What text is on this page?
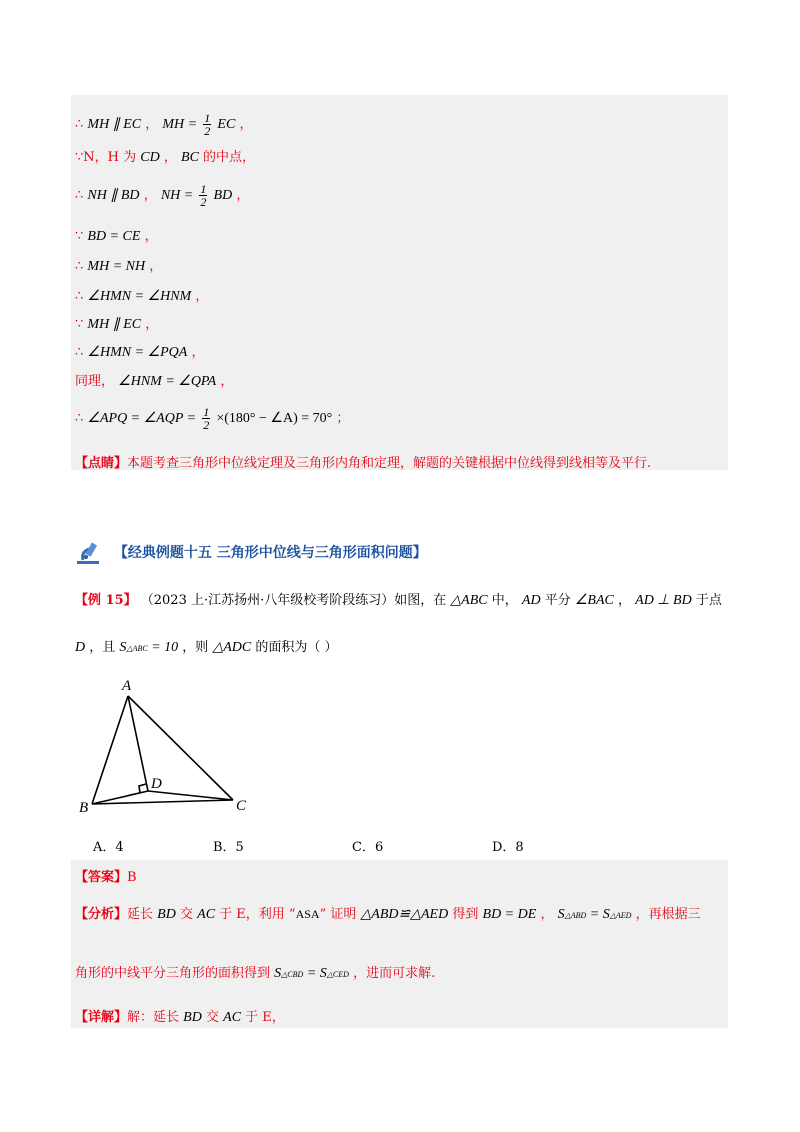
∴ MH ∥ EC ， MH = $\frac{1}{2}$ EC ，
∵N，H 为 CD ， BC 的中点，
∴ NH ∥ BD ， NH = $\frac{1}{2}$ BD ，
∵ BD = CE ，
∴ MH = NH ，
∴ ∠HMN = ∠HNM ，
∵ MH ∥ EC ，
∴ ∠HMN = ∠PQA ，
同理， ∠HNM = ∠QPA ，
∴ ∠APQ = ∠AQP = $\frac{1}{2} \times(180^\circ$ − ∠A) = 70° ；
【点睛】本题考查三角形中位线定理及三角形内角和定理，解题的关键根据中位线得到线相等及平行.
【经典例题十五 三角形中位线与三角形面积问题】
【例 15】 （2023 上·江苏扬州·八年级校考阶段练习）如图，在 △ABC 中， AD 平分 ∠BAC ， AD ⊥ BD 于点
D ，且 S△ABC = 10 ，则 △ADC 的面积为（ ）
A
B	C
D
A．4	B．5	C．6	D．8
【答案】B
【分析】延长 BD 交 AC 于 E，利用 “ASA” 证明 △ABD≌△AED 得到 BD = DE ， S△ABD = S△AED ，再根据三
角形的中线平分三角形的面积得到 S△CBD = S△CED ，进而可求解.
【详解】解：延长 BD 交 AC 于 E，
